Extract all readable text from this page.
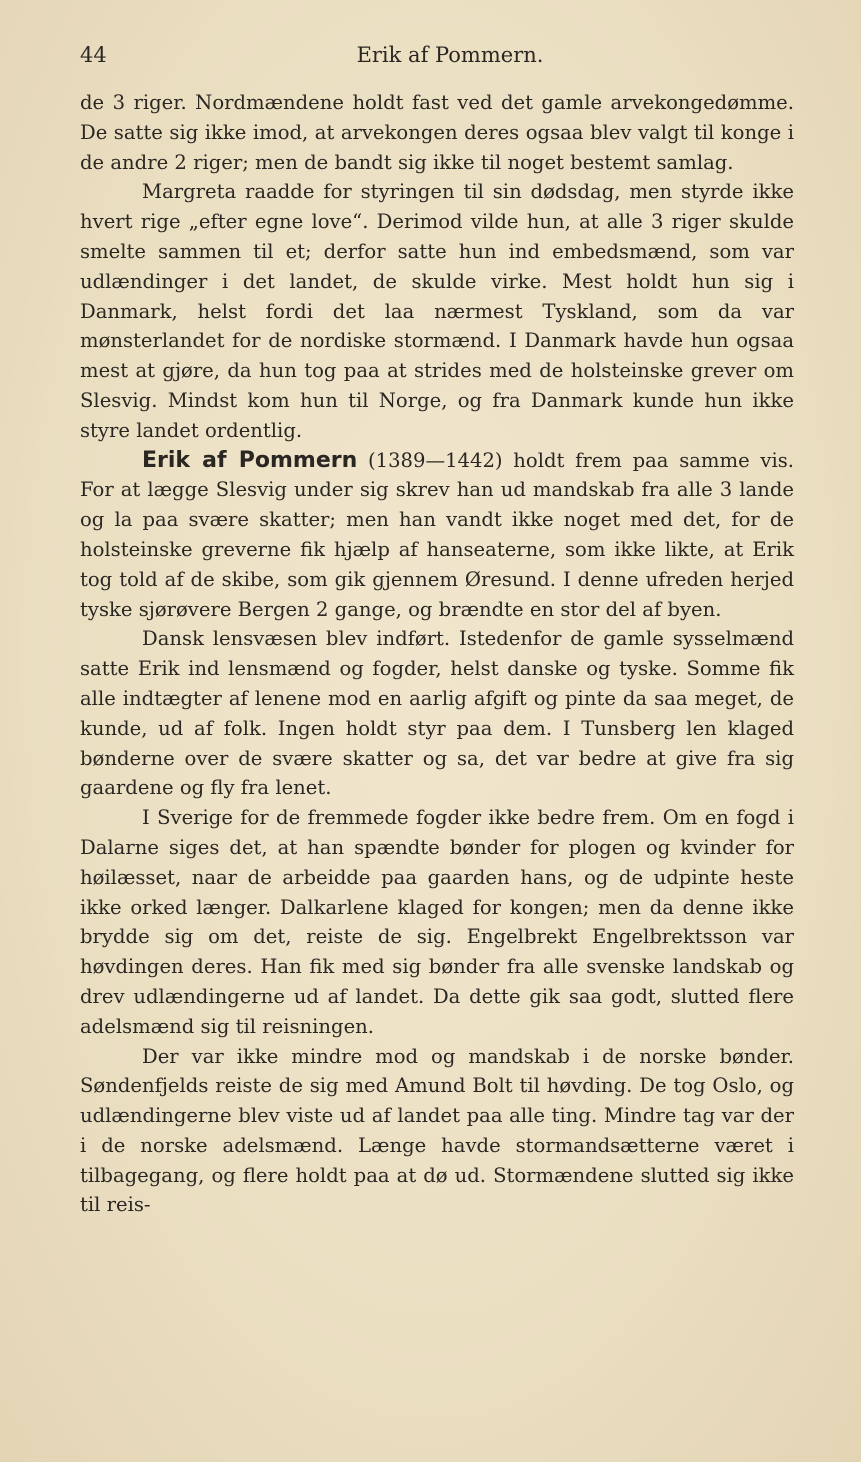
44	Erik af Pommern.

de 3 riger. Nordmændene holdt fast ved det gamle arvekongedømme. De satte sig ikke imod, at arvekongen deres ogsaa blev valgt til konge i de andre 2 riger; men de bandt sig ikke til noget bestemt samlag.

Margreta raadde for styringen til sin dødsdag, men styrde ikke hvert rige „efter egne love“. Derimod vilde hun, at alle 3 riger skulde smelte sammen til et; derfor satte hun ind embedsmænd, som var udlændinger i det landet, de skulde virke. Mest holdt hun sig i Danmark, helst fordi det laa nærmest Tyskland, som da var mønsterlandet for de nordiske stormænd. I Danmark havde hun ogsaa mest at gjøre, da hun tog paa at strides med de holsteinske grever om Slesvig. Mindst kom hun til Norge, og fra Danmark kunde hun ikke styre landet ordentlig.

Erik af Pommern (1389—1442) holdt frem paa samme vis. For at lægge Slesvig under sig skrev han ud mandskab fra alle 3 lande og la paa svære skatter; men han vandt ikke noget med det, for de holsteinske greverne fik hjælp af hanseaterne, som ikke likte, at Erik tog told af de skibe, som gik gjennem Øresund. I denne ufreden herjed tyske sjørøvere Bergen 2 gange, og brændte en stor del af byen.

Dansk lensvæsen blev indført. Istedenfor de gamle sysselmænd satte Erik ind lensmænd og fogder, helst danske og tyske. Somme fik alle indtægter af lenene mod en aarlig afgift og pinte da saa meget, de kunde, ud af folk. Ingen holdt styr paa dem. I Tunsberg len klaged bønderne over de svære skatter og sa, det var bedre at give fra sig gaardene og fly fra lenet.

I Sverige for de fremmede fogder ikke bedre frem. Om en fogd i Dalarne siges det, at han spændte bønder for plogen og kvinder for høilæsset, naar de arbeidde paa gaarden hans, og de udpinte heste ikke orked længer. Dalkarlene klaged for kongen; men da denne ikke brydde sig om det, reiste de sig. Engelbrekt Engelbrektsson var høvdingen deres. Han fik med sig bønder fra alle svenske landskab og drev udlændingerne ud af landet. Da dette gik saa godt, slutted flere adelsmænd sig til reisningen.

Der var ikke mindre mod og mandskab i de norske bønder. Søndenfjelds reiste de sig med Amund Bolt til høvding. De tog Oslo, og udlændingerne blev viste ud af landet paa alle ting. Mindre tag var der i de norske adelsmænd. Længe havde stormandsætterne været i tilbagegang, og flere holdt paa at dø ud. Stormændene slutted sig ikke til reis-
